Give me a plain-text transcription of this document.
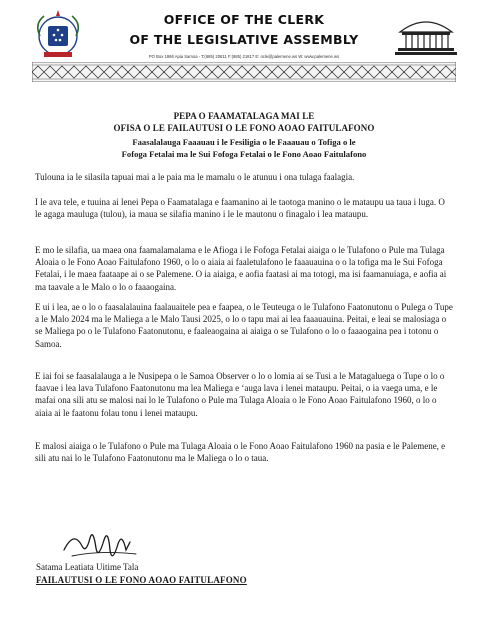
OFFICE OF THE CLERK
OF THE LEGISLATIVE ASSEMBLY
PO Box 1866 Apia Samoa - T:(685) 20611 F:(685) 21817 E: ocle@palemene.ws W: www.palemene.ws
PEPA O FAAMATALAGA MAI LE
OFISA O LE FAILAUTUSI O LE FONO AOAO FAITULAFONO
Faasalalauga Faaauau i le Fesiligia o le Faaauau o Tofiga o le
Fofoga Fetalai ma le Sui Fofoga Fetalai o le Fono Aoao Faitulafono
Tulouna ia le silasila tapuai mai a le paia ma le mamalu o le atunuu i ona tulaga faalagia.
I le ava tele, e tuuina ai lenei Pepa o Faamatalaga e faamanino ai le taotoga manino o le mataupu ua taua i luga. O le agaga mauluga (tulou), ia maua se silafia manino i le le mautonu o finagalo i lea mataupu.
E mo le silafia, ua maea ona faamalamalama e le Afioga i le Fofoga Fetalai aiaiga o le Tulafono o Pule ma Tulaga Aloaia o le Fono Aoao Faitulafono 1960, o lo o aiaia ai faaletulafono le faaauauina o o la tofiga ma le Sui Fofoga Fetalai, i le maea faataape ai o se Palemene. O ia aiaiga, e aofia faatasi ai ma totogi, ma isi faamanuiaga, e aofia ai ma taavale a le Malo o lo o faaaogaina.
E ui i lea, ae o lo o faasalalauina faalauaitele pea e faapea, o le Teuteuga o le Tulafono Faatonutonu o Pulega o Tupe a le Malo 2024 ma le Maliega a le Malo Tausi 2025, o lo o tapu mai ai lea faaauauina. Peitai, e leai se malosiaga o se Maliega po o le Tulafono Faatonutonu, e faaleaogaina ai aiaiga o se Tulafono o lo o faaaogaina pea i totonu o Samoa.
E iai foi se faasalalauga a le Nusipepa o le Samoa Observer o lo o lomia ai se Tusi a le Matagaluega o Tupe o lo o faavae i lea lava Tulafono Faatonutonu ma lea Maliega e ‘auga lava i lenei mataupu. Peitai, o ia vaega uma, e le mafai ona sili atu se malosi nai lo le Tulafono o Pule ma Tulaga Aloaia o le Fono Aoao Faitulafono 1960, o lo o aiaia ai le faatonu folau tonu i lenei mataupu.
E malosi aiaiga o le Tulafono o Pule ma Tulaga Aloaia o le Fono Aoao Faitulafono 1960 na pasia e le Palemene, e sili atu nai lo le Tulafono Faatonutonu ma le Maliega o lo o taua.
Satama Leatiata Uitime Tala
FAILAUTUSI O LE FONO AOAO FAITULAFONO
